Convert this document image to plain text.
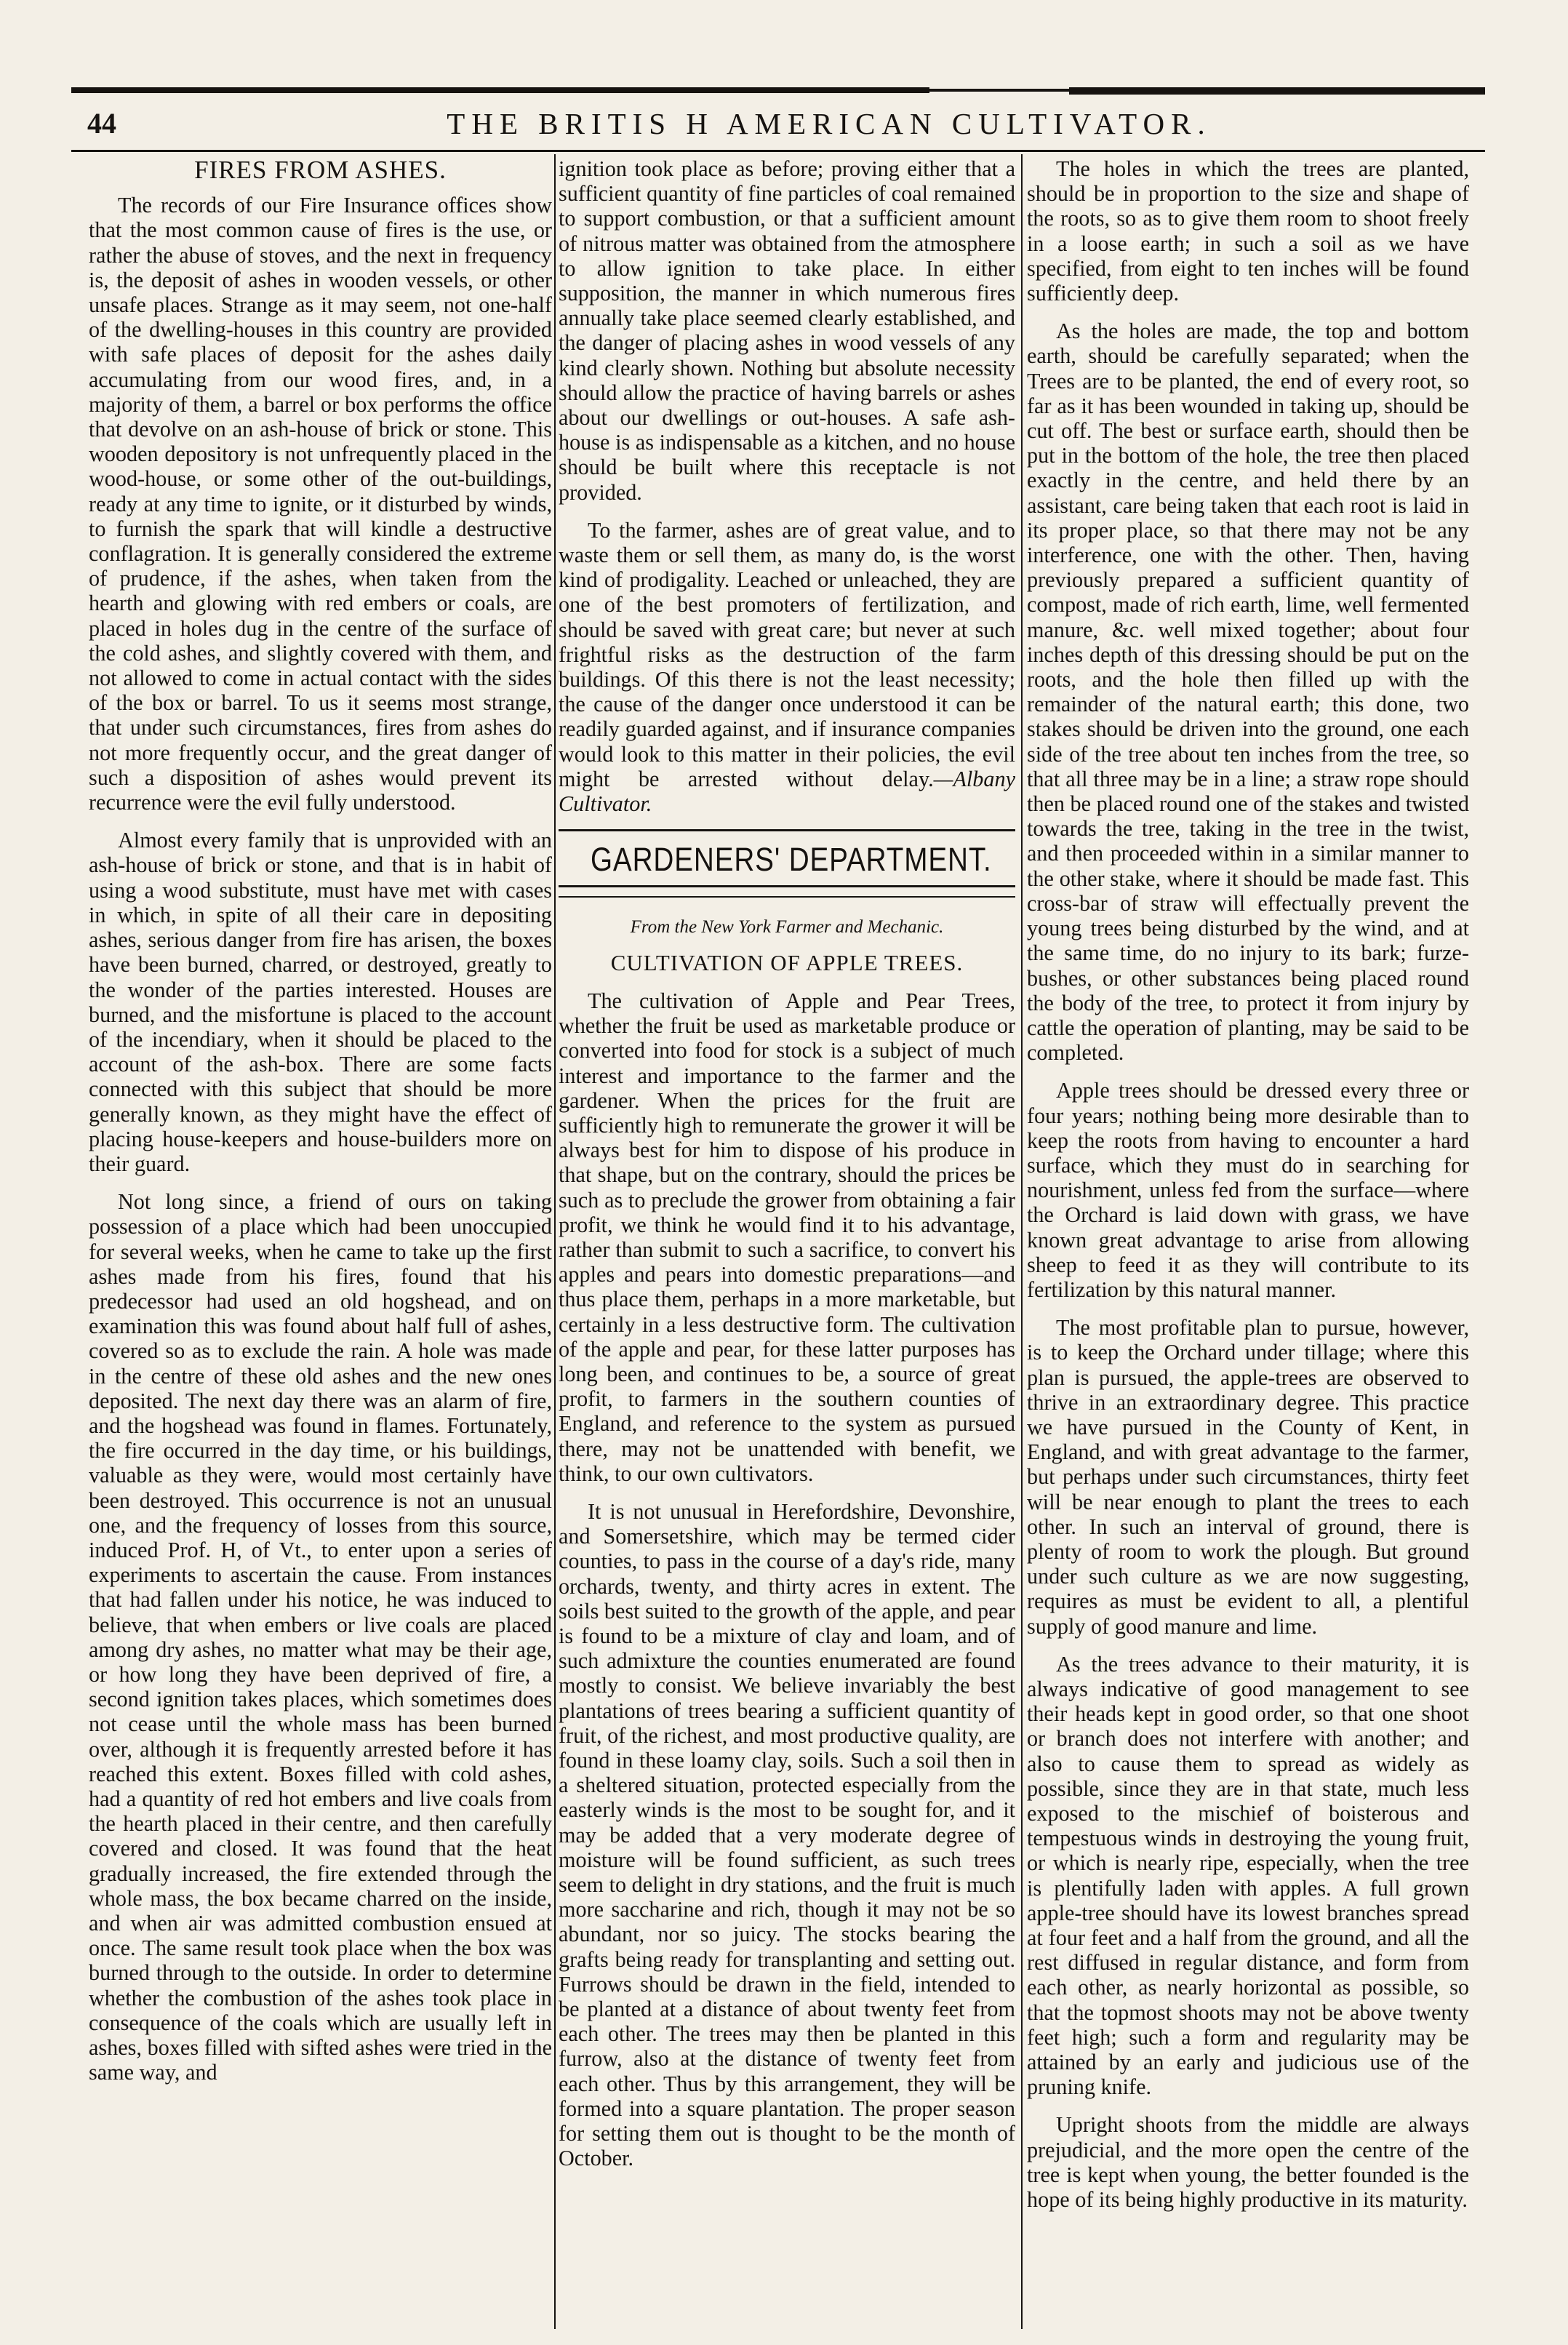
44	THE BRITIS H AMERICAN CULTIVATOR.
FIRES FROM ASHES.

The records of our Fire Insurance offices show that the most common cause of fires is the use, or rather the abuse of stoves, and the next in frequency is, the deposit of ashes in wooden vessels, or other unsafe places. Strange as it may seem, not one-half of the dwelling-houses in this country are provided with safe places of deposit for the ashes daily accumulating from our wood fires, and, in a majority of them, a barrel or box performs the office that devolve on an ash-house of brick or stone. This wooden depository is not unfrequently placed in the wood-house, or some other of the out-buildings, ready at any time to ignite, or it disturbed by winds, to furnish the spark that will kindle a destructive conflagration. It is generally considered the extreme of prudence, if the ashes, when taken from the hearth and glowing with red embers or coals, are placed in holes dug in the centre of the surface of the cold ashes, and slightly covered with them, and not allowed to come in actual contact with the sides of the box or barrel. To us it seems most strange, that under such circumstances, fires from ashes do not more frequently occur, and the great danger of such a disposition of ashes would prevent its recurrence were the evil fully understood.

Almost every family that is unprovided with an ash-house of brick or stone, and that is in habit of using a wood substitute, must have met with cases in which, in spite of all their care in depositing ashes, serious danger from fire has arisen, the boxes have been burned, charred, or destroyed, greatly to the wonder of the parties interested. Houses are burned, and the misfortune is placed to the account of the incendiary, when it should be placed to the account of the ash-box. There are some facts connected with this subject that should be more generally known, as they might have the effect of placing house-keepers and house-builders more on their guard.

Not long since, a friend of ours on taking possession of a place which had been unoccupied for several weeks, when he came to take up the first ashes made from his fires, found that his predecessor had used an old hogshead, and on examination this was found about half full of ashes, covered so as to exclude the rain. A hole was made in the centre of these old ashes and the new ones deposited. The next day there was an alarm of fire, and the hogshead was found in flames. Fortunately, the fire occurred in the day time, or his buildings, valuable as they were, would most certainly have been destroyed. This occurrence is not an unusual one, and the frequency of losses from this source, induced Prof. H, of Vt., to enter upon a series of experiments to ascertain the cause. From instances that had fallen under his notice, he was induced to believe, that when embers or live coals are placed among dry ashes, no matter what may be their age, or how long they have been deprived of fire, a second ignition takes places, which sometimes does not cease until the whole mass has been burned over, although it is frequently arrested before it has reached this extent. Boxes filled with cold ashes, had a quantity of red hot embers and live coals from the hearth placed in their centre, and then carefully covered and closed. It was found that the heat gradually increased, the fire extended through the whole mass, the box became charred on the inside, and when air was admitted combustion ensued at once. The same result took place when the box was burned through to the outside. In order to determine whether the combustion of the ashes took place in consequence of the coals which are usually left in ashes, boxes filled with sifted ashes were tried in the same way, and

ignition took place as before; proving either that a sufficient quantity of fine particles of coal remained to support combustion, or that a sufficient amount of nitrous matter was obtained from the atmosphere to allow ignition to take place. In either supposition, the manner in which numerous fires annually take place seemed clearly established, and the danger of placing ashes in wood vessels of any kind clearly shown. Nothing but absolute necessity should allow the practice of having barrels or ashes about our dwellings or out-houses. A safe ash-house is as indispensable as a kitchen, and no house should be built where this receptacle is not provided.

To the farmer, ashes are of great value, and to waste them or sell them, as many do, is the worst kind of prodigality. Leached or unleached, they are one of the best promoters of fertilization, and should be saved with great care; but never at such frightful risks as the destruction of the farm buildings. Of this there is not the least necessity; the cause of the danger once understood it can be readily guarded against, and if insurance companies would look to this matter in their policies, the evil might be arrested without delay.—Albany Cultivator.

GARDENERS' DEPARTMENT.
From the New York Farmer and Mechanic.
CULTIVATION OF APPLE TREES.

The cultivation of Apple and Pear Trees, whether the fruit be used as marketable produce or converted into food for stock is a subject of much interest and importance to the farmer and the gardener. When the prices for the fruit are sufficiently high to remunerate the grower it will be always best for him to dispose of his produce in that shape, but on the contrary, should the prices be such as to preclude the grower from obtaining a fair profit, we think he would find it to his advantage, rather than submit to such a sacrifice, to convert his apples and pears into domestic preparations—and thus place them, perhaps in a more marketable, but certainly in a less destructive form. The cultivation of the apple and pear, for these latter purposes has long been, and continues to be, a source of great profit, to farmers in the southern counties of England, and reference to the system as pursued there, may not be unattended with benefit, we think, to our own cultivators.

It is not unusual in Herefordshire, Devonshire, and Somersetshire, which may be termed cider counties, to pass in the course of a day's ride, many orchards, twenty, and thirty acres in extent. The soils best suited to the growth of the apple, and pear is found to be a mixture of clay and loam, and of such admixture the counties enumerated are found mostly to consist. We believe invariably the best plantations of trees bearing a sufficient quantity of fruit, of the richest, and most productive quality, are found in these loamy clay, soils. Such a soil then in a sheltered situation, protected especially from the easterly winds is the most to be sought for, and it may be added that a very moderate degree of moisture will be found sufficient, as such trees seem to delight in dry stations, and the fruit is much more saccharine and rich, though it may not be so abundant, nor so juicy. The stocks bearing the grafts being ready for transplanting and setting out. Furrows should be drawn in the field, intended to be planted at a distance of about twenty feet from each other. The trees may then be planted in this furrow, also at the distance of twenty feet from each other. Thus by this arrangement, they will be formed into a square plantation. The proper season for setting them out is thought to be the month of October.

The holes in which the trees are planted, should be in proportion to the size and shape of the roots, so as to give them room to shoot freely in a loose earth; in such a soil as we have specified, from eight to ten inches will be found sufficiently deep.

As the holes are made, the top and bottom earth, should be carefully separated; when the Trees are to be planted, the end of every root, so far as it has been wounded in taking up, should be cut off. The best or surface earth, should then be put in the bottom of the hole, the tree then placed exactly in the centre, and held there by an assistant, care being taken that each root is laid in its proper place, so that there may not be any interference, one with the other. Then, having previously prepared a sufficient quantity of compost, made of rich earth, lime, well fermented manure, &c. well mixed together; about four inches depth of this dressing should be put on the roots, and the hole then filled up with the remainder of the natural earth; this done, two stakes should be driven into the ground, one each side of the tree about ten inches from the tree, so that all three may be in a line; a straw rope should then be placed round one of the stakes and twisted towards the tree, taking in the tree in the twist, and then proceeded within in a similar manner to the other stake, where it should be made fast. This cross-bar of straw will effectually prevent the young trees being disturbed by the wind, and at the same time, do no injury to its bark; furze-bushes, or other substances being placed round the body of the tree, to protect it from injury by cattle the operation of planting, may be said to be completed.

Apple trees should be dressed every three or four years; nothing being more desirable than to keep the roots from having to encounter a hard surface, which they must do in searching for nourishment, unless fed from the surface—where the Orchard is laid down with grass, we have known great advantage to arise from allowing sheep to feed it as they will contribute to its fertilization by this natural manner.

The most profitable plan to pursue, however, is to keep the Orchard under tillage; where this plan is pursued, the apple-trees are observed to thrive in an extraordinary degree. This practice we have pursued in the County of Kent, in England, and with great advantage to the farmer, but perhaps under such circumstances, thirty feet will be near enough to plant the trees to each other. In such an interval of ground, there is plenty of room to work the plough. But ground under such culture as we are now suggesting, requires as must be evident to all, a plentiful supply of good manure and lime.

As the trees advance to their maturity, it is always indicative of good management to see their heads kept in good order, so that one shoot or branch does not interfere with another; and also to cause them to spread as widely as possible, since they are in that state, much less exposed to the mischief of boisterous and tempestuous winds in destroying the young fruit, or which is nearly ripe, especially, when the tree is plentifully laden with apples. A full grown apple-tree should have its lowest branches spread at four feet and a half from the ground, and all the rest diffused in regular distance, and form from each other, as nearly horizontal as possible, so that the topmost shoots may not be above twenty feet high; such a form and regularity may be attained by an early and judicious use of the pruning knife.

Upright shoots from the middle are always prejudicial, and the more open the centre of the tree is kept when young, the better founded is the hope of its being highly productive in its maturity.
